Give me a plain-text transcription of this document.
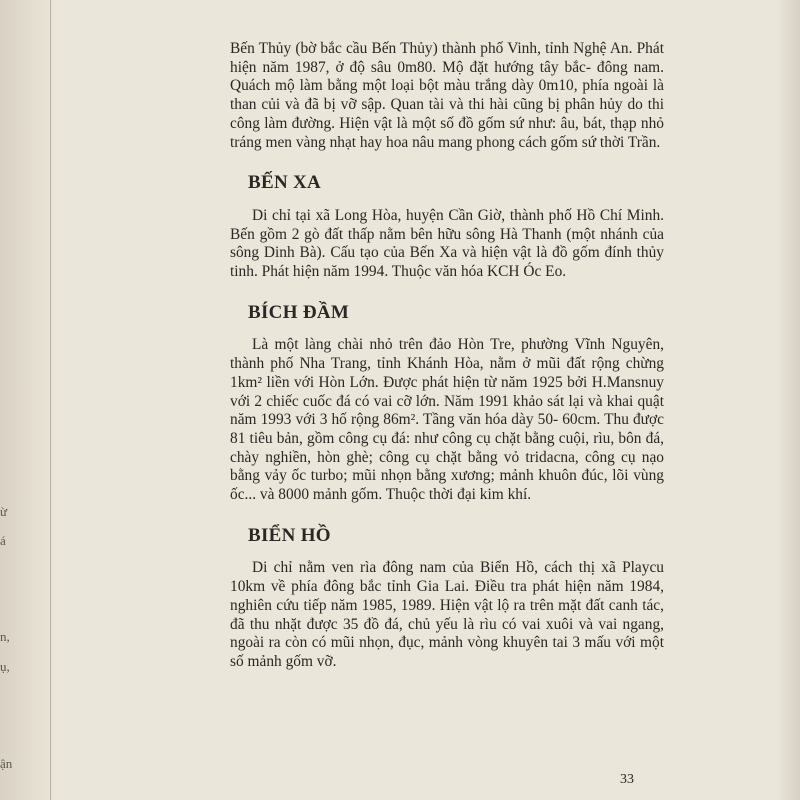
ừ
á
n,
ụ,
ận

Bến Thủy (bờ bắc cầu Bến Thủy) thành phố Vinh, tỉnh Nghệ An. Phát hiện năm 1987, ở độ sâu 0m80. Mộ đặt hướng tây bắc- đông nam. Quách mộ làm bằng một loại bột màu trắng dày 0m10, phía ngoài là than củi và đã bị vỡ sập. Quan tài và thi hài cũng bị phân hủy do thi công làm đường. Hiện vật là một số đồ gốm sứ như: âu, bát, thạp nhỏ tráng men vàng nhạt hay hoa nâu mang phong cách gốm sứ thời Trần.

BẾN XA

Di chỉ tại xã Long Hòa, huyện Cần Giờ, thành phố Hồ Chí Minh. Bến gồm 2 gò đất thấp nằm bên hữu sông Hà Thanh (một nhánh của sông Dinh Bà). Cấu tạo của Bến Xa và hiện vật là đồ gốm đính thủy tinh. Phát hiện năm 1994. Thuộc văn hóa KCH Óc Eo.

BÍCH ĐẦM

Là một làng chài nhỏ trên đảo Hòn Tre, phường Vĩnh Nguyên, thành phố Nha Trang, tỉnh Khánh Hòa, nằm ở mũi đất rộng chừng 1km² liền với Hòn Lớn. Được phát hiện từ năm 1925 bởi H.Mansnuy với 2 chiếc cuốc đá có vai cỡ lớn. Năm 1991 khảo sát lại và khai quật năm 1993 với 3 hố rộng 86m². Tầng văn hóa dày 50- 60cm. Thu được 81 tiêu bản, gồm công cụ đá: như công cụ chặt bằng cuội, rìu, bôn đá, chày nghiền, hòn ghè; công cụ chặt bằng vỏ tridacna, công cụ nạo bằng vảy ốc turbo; mũi nhọn bằng xương; mảnh khuôn đúc, lõi vùng ốc... và 8000 mảnh gốm. Thuộc thời đại kim khí.

BIỂN HỒ

Di chỉ nằm ven rìa đông nam của Biển Hồ, cách thị xã Playcu 10km về phía đông bắc tỉnh Gia Lai. Điều tra phát hiện năm 1984, nghiên cứu tiếp năm 1985, 1989. Hiện vật lộ ra trên mặt đất canh tác, đã thu nhặt được 35 đồ đá, chủ yếu là rìu có vai xuôi và vai ngang, ngoài ra còn có mũi nhọn, đục, mảnh vòng khuyên tai 3 mấu với một số mảnh gốm vỡ.

33
